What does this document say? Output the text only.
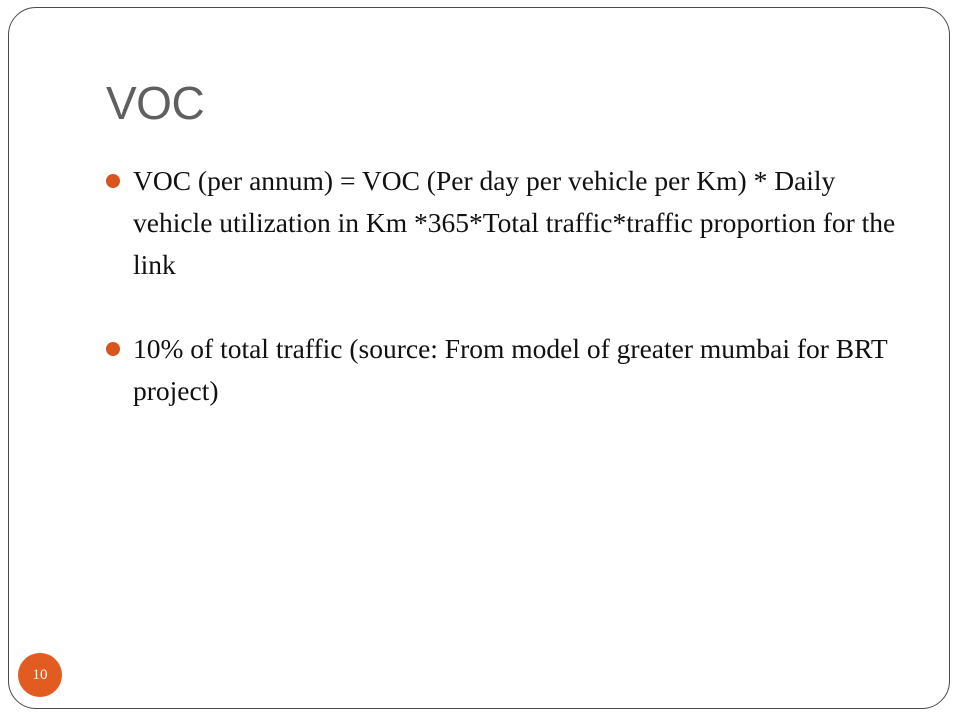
VOC
VOC (per annum) = VOC (Per day per vehicle per Km) * Daily vehicle utilization in Km *365*Total traffic*traffic proportion for the link
10% of total traffic (source: From model of greater mumbai for BRT project)
10
